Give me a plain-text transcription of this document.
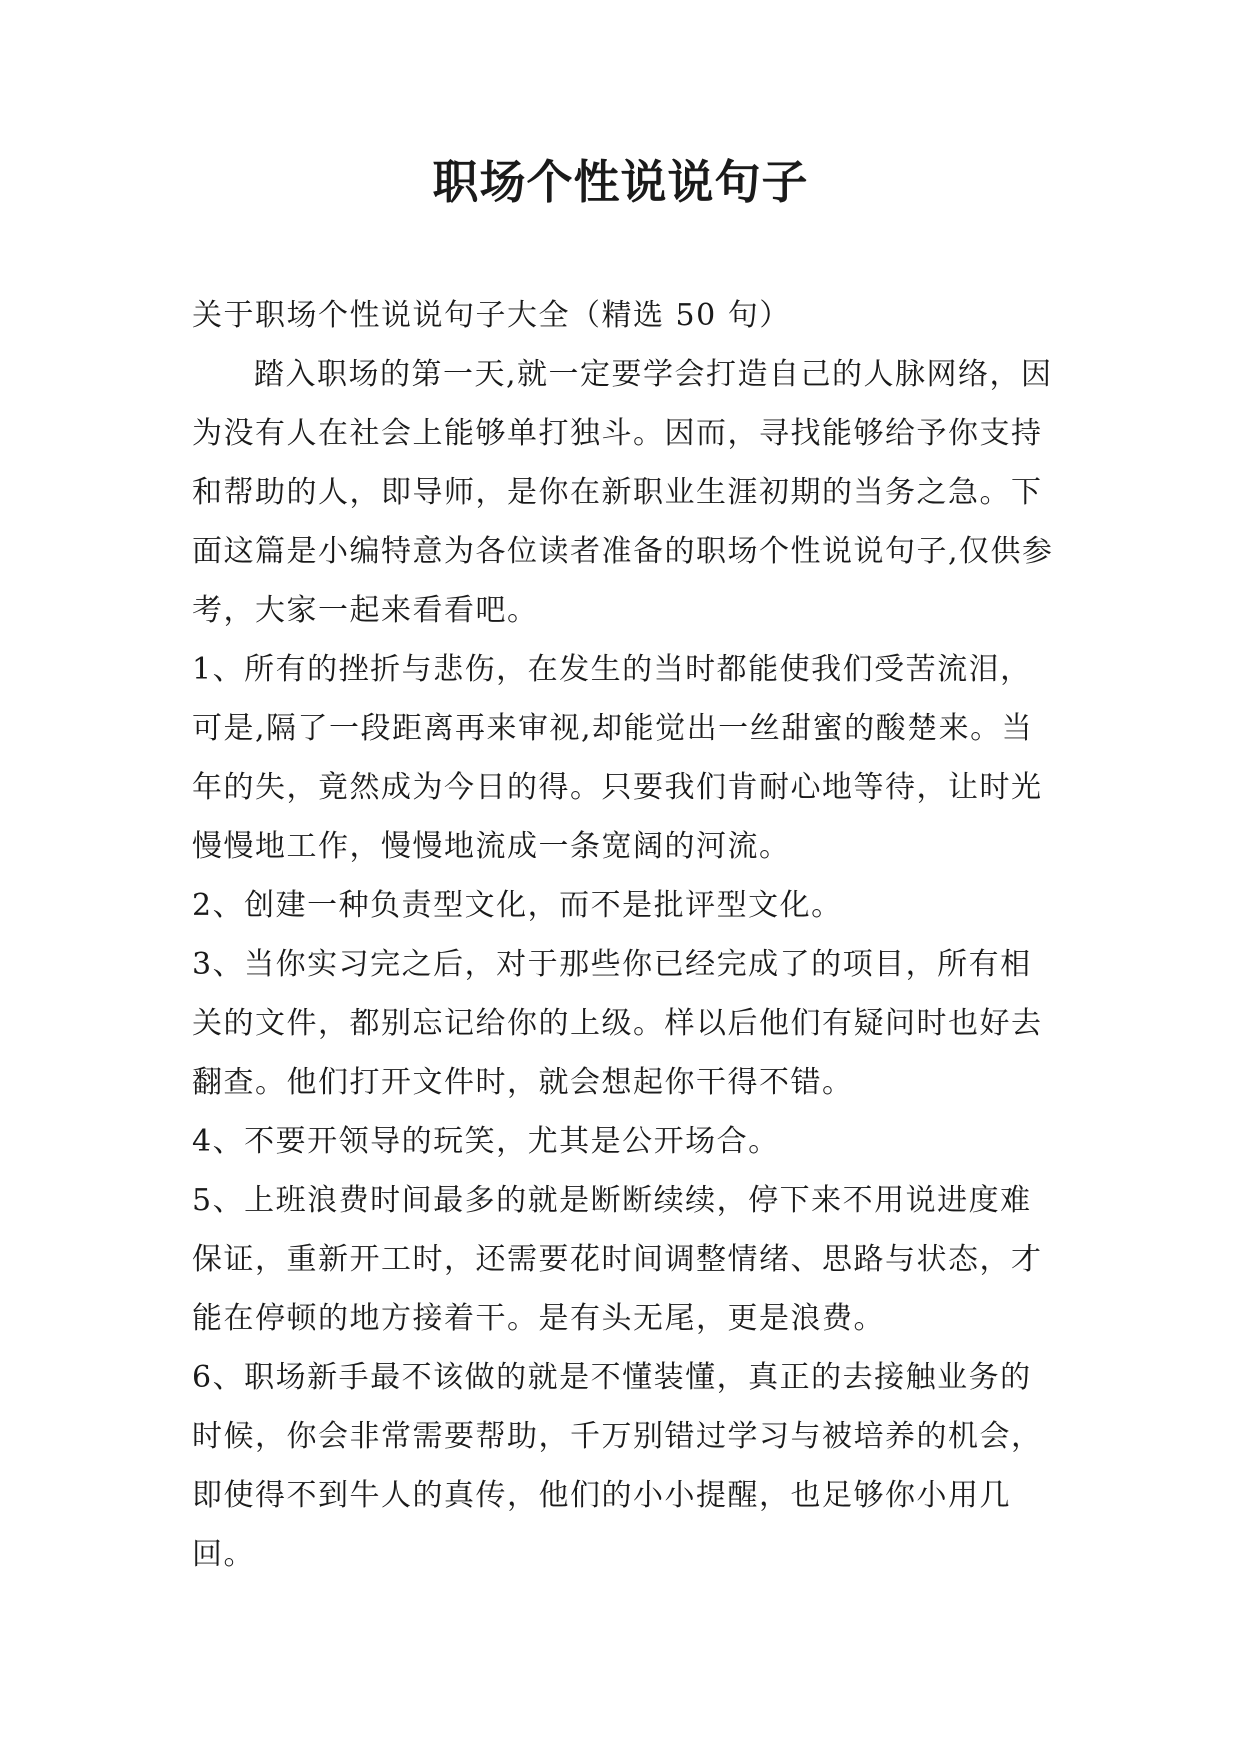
职场个性说说句子

关于职场个性说说句子大全（精选 50 句）

踏入职场的第一天,就一定要学会打造自己的人脉网络，因为没有人在社会上能够单打独斗。因而，寻找能够给予你支持和帮助的人，即导师，是你在新职业生涯初期的当务之急。下面这篇是小编特意为各位读者准备的职场个性说说句子,仅供参考，大家一起来看看吧。

1、所有的挫折与悲伤，在发生的当时都能使我们受苦流泪，可是,隔了一段距离再来审视,却能觉出一丝甜蜜的酸楚来。当年的失，竟然成为今日的得。只要我们肯耐心地等待，让时光慢慢地工作，慢慢地流成一条宽阔的河流。

2、创建一种负责型文化，而不是批评型文化。

3、当你实习完之后，对于那些你已经完成了的项目，所有相关的文件，都别忘记给你的上级。样以后他们有疑问时也好去翻查。他们打开文件时，就会想起你干得不错。

4、不要开领导的玩笑，尤其是公开场合。

5、上班浪费时间最多的就是断断续续，停下来不用说进度难保证，重新开工时，还需要花时间调整情绪、思路与状态，才能在停顿的地方接着干。是有头无尾，更是浪费。

6、职场新手最不该做的就是不懂装懂，真正的去接触业务的时候，你会非常需要帮助，千万别错过学习与被培养的机会，即使得不到牛人的真传，他们的小小提醒，也足够你小用几回。
